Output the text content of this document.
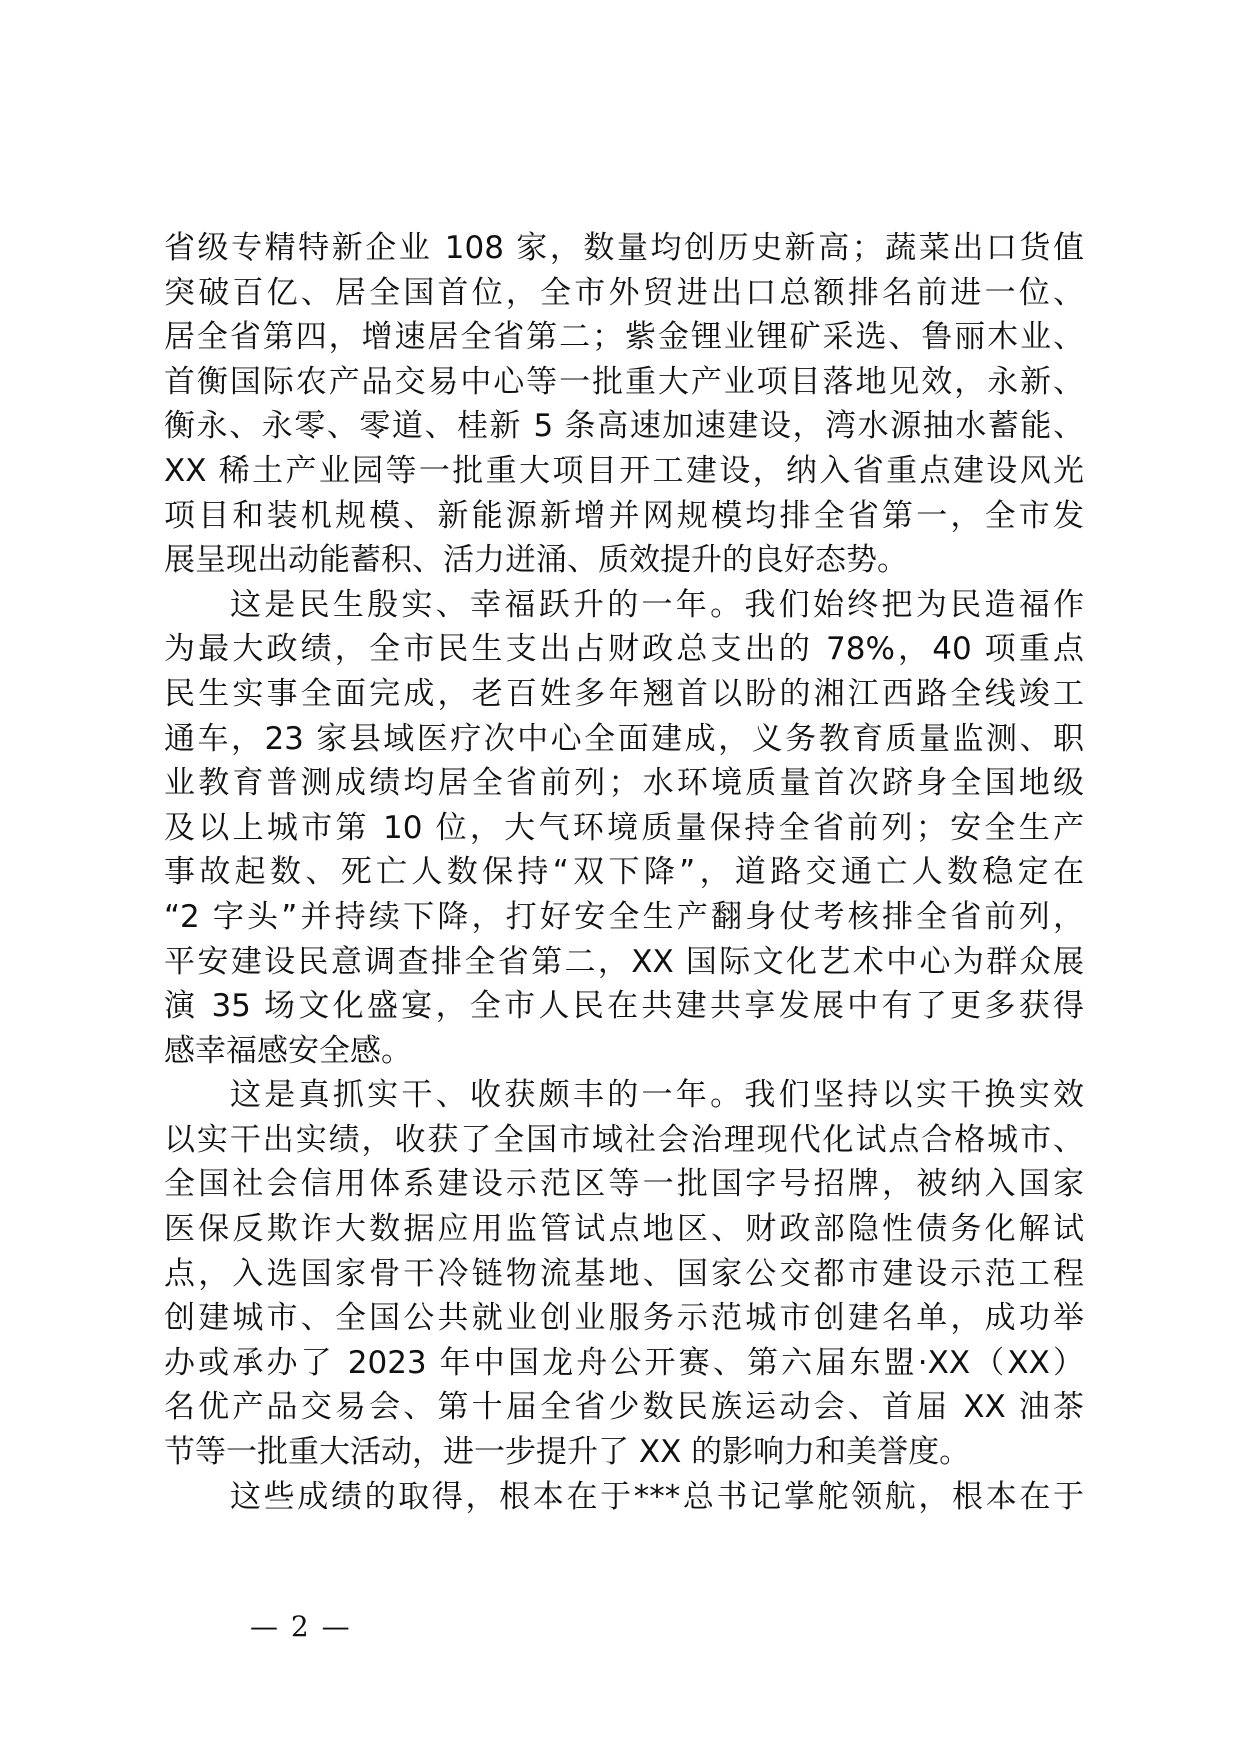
省级专精特新企业 108 家，数量均创历史新高；蔬菜出口货值
突破百亿、居全国首位，全市外贸进出口总额排名前进一位、
居全省第四，增速居全省第二；紫金锂业锂矿采选、鲁丽木业、
首衡国际农产品交易中心等一批重大产业项目落地见效，永新、
衡永、永零、零道、桂新 5 条高速加速建设，湾水源抽水蓄能、
XX 稀土产业园等一批重大项目开工建设，纳入省重点建设风光
项目和装机规模、新能源新增并网规模均排全省第一，全市发
展呈现出动能蓄积、活力迸涌、质效提升的良好态势。
这是民生殷实、幸福跃升的一年。我们始终把为民造福作
为最大政绩，全市民生支出占财政总支出的 78%，40 项重点
民生实事全面完成，老百姓多年翘首以盼的湘江西路全线竣工
通车，23 家县域医疗次中心全面建成，义务教育质量监测、职
业教育普测成绩均居全省前列；水环境质量首次跻身全国地级
及以上城市第 10 位，大气环境质量保持全省前列；安全生产
事故起数、死亡人数保持“双下降”，道路交通亡人数稳定在
“2 字头”并持续下降，打好安全生产翻身仗考核排全省前列，
平安建设民意调查排全省第二，XX 国际文化艺术中心为群众展
演 35 场文化盛宴，全市人民在共建共享发展中有了更多获得
感幸福感安全感。
这是真抓实干、收获颇丰的一年。我们坚持以实干换实效
以实干出实绩，收获了全国市域社会治理现代化试点合格城市、
全国社会信用体系建设示范区等一批国字号招牌，被纳入国家
医保反欺诈大数据应用监管试点地区、财政部隐性债务化解试
点，入选国家骨干冷链物流基地、国家公交都市建设示范工程
创建城市、全国公共就业创业服务示范城市创建名单，成功举
办或承办了 2023 年中国龙舟公开赛、第六届东盟·XX（XX）
名优产品交易会、第十届全省少数民族运动会、首届 XX 油茶
节等一批重大活动，进一步提升了 XX 的影响力和美誉度。
这些成绩的取得，根本在于***总书记掌舵领航，根本在于
— 2 —
